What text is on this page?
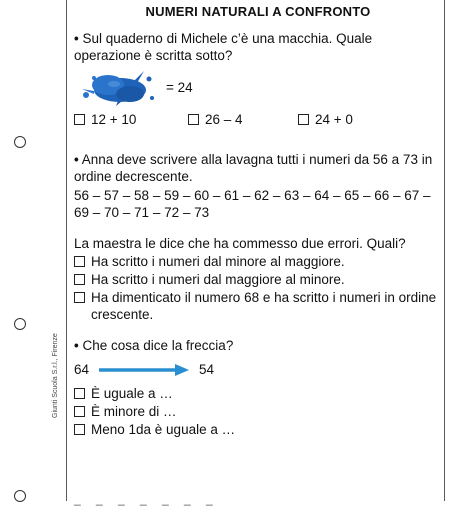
Giunti Scuola S.r.l., Firenze
NUMERI NATURALI A CONFRONTO

• Sul quaderno di Michele c’è una macchia. Quale operazione è scritta sotto?

= 24
12 + 10	26 – 4	24 + 0

• Anna deve scrivere alla lavagna tutti i numeri da 56 a 73 in ordine decrescente.

56 – 57 – 58 – 59 – 60 – 61 – 62 – 63 – 64 – 65 – 66 – 67 – 69 – 70 – 71 – 72 – 73

La maestra le dice che ha commesso due errori. Quali?

Ha scritto i numeri dal minore al maggiore.
Ha scritto i numeri dal maggiore al minore.
Ha dimenticato il numero 68 e ha scritto i numeri in ordine crescente.

• Che cosa dice la freccia?

64	54
È uguale a …
È minore di …
Meno 1da è uguale a …
_ _ _ _ _ _ _
